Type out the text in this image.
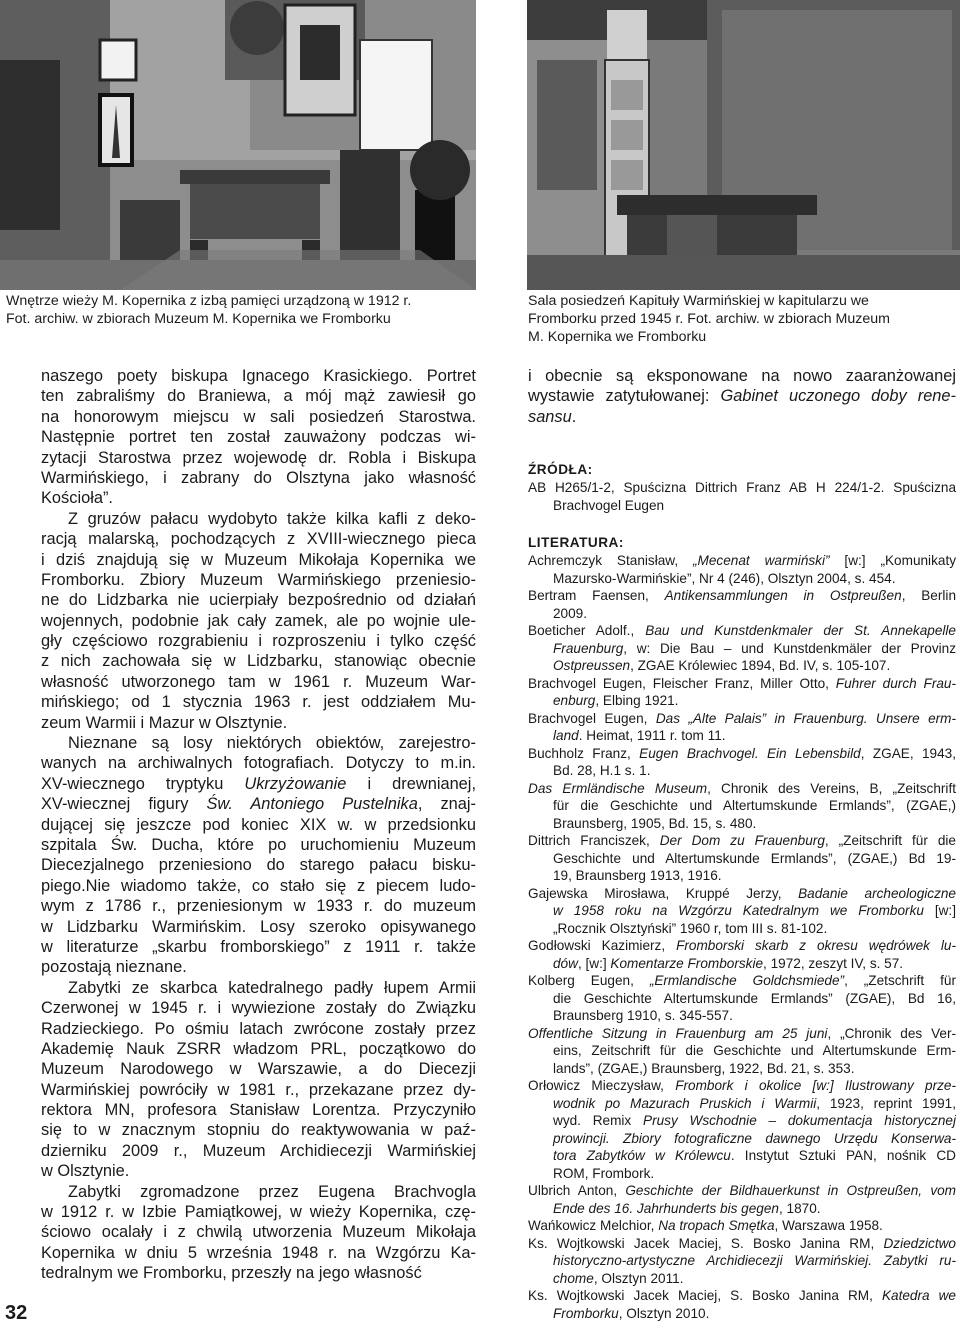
Wnętrze wieży M. Kopernika z izbą pamięci urządzoną w 1912 r.
Fot. archiw. w zbiorach Muzeum M. Kopernika we Fromborku
Sala posiedzeń Kapituły Warmińskiej w kapitularzu we
Fromborku przed 1945 r. Fot. archiw. w zbiorach Muzeum
M. Kopernika we Fromborku
naszego poety biskupa Ignacego Krasickiego. Portret
ten zabraliśmy do Braniewa, a mój mąż zawiesił go
na honorowym miejscu w sali posiedzeń Starostwa.
Następnie portret ten został zauważony podczas wi-
zytacji Starostwa przez wojewodę dr. Robla i Biskupa
Warmińskiego, i zabrany do Olsztyna jako własność
Kościoła”.
Z gruzów pałacu wydobyto także kilka kafli z deko-
racją malarską, pochodzących z XVIII-wiecznego pieca
i dziś znajdują się w Muzeum Mikołaja Kopernika we
Fromborku. Zbiory Muzeum Warmińskiego przeniesio-
ne do Lidzbarka nie ucierpiały bezpośrednio od działań
wojennych, podobnie jak cały zamek, ale po wojnie ule-
gły częściowo rozgrabieniu i rozproszeniu i tylko część
z nich zachowała się w Lidzbarku, stanowiąc obecnie
własność utworzonego tam w 1961 r. Muzeum War-
mińskiego; od 1 stycznia 1963 r. jest oddziałem Mu-
zeum Warmii i Mazur w Olsztynie.
Nieznane są losy niektórych obiektów, zarejestro-
wanych na archiwalnych fotografiach. Dotyczy to m.in.
XV-wiecznego tryptyku Ukrzyżowanie i drewnianej,
XV-wiecznej figury Św. Antoniego Pustelnika, znaj-
dującej się jeszcze pod koniec XIX w. w przedsionku
szpitala Św. Ducha, które po uruchomieniu Muzeum
Diecezjalnego przeniesiono do starego pałacu bisku-
piego.Nie wiadomo także, co stało się z piecem ludo-
wym z 1786 r., przeniesionym w 1933 r. do muzeum
w Lidzbarku Warmińskim. Losy szeroko opisywanego
w literaturze „skarbu fromborskiego” z 1911 r. także
pozostają nieznane.
Zabytki ze skarbca katedralnego padły łupem Armii
Czerwonej w 1945 r. i wywiezione zostały do Związku
Radzieckiego. Po ośmiu latach zwrócone zostały przez
Akademię Nauk ZSRR władzom PRL, początkowo do
Muzeum Narodowego w Warszawie, a do Diecezji
Warmińskiej powróciły w 1981 r., przekazane przez dy-
rektora MN, profesora Stanisław Lorentza. Przyczyniło
się to w znacznym stopniu do reaktywowania w paź-
dzierniku 2009 r., Muzeum Archidiecezji Warmińskiej
w Olsztynie.
Zabytki zgromadzone przez Eugena Brachvogla
w 1912 r. w Izbie Pamiątkowej, w wieży Kopernika, czę-
ściowo ocalały i z chwilą utworzenia Muzeum Mikołaja
Kopernika w dniu 5 września 1948 r. na Wzgórzu Ka-
tedralnym we Fromborku, przeszły na jego własność
i obecnie są eksponowane na nowo zaaranżowanej
wystawie zatytułowanej: Gabinet uczonego doby rene-
sansu.
ŹRÓDŁA:
AB H265/1-2, Spuścizna Dittrich Franz AB H 224/1-2. Spuścizna
Brachvogel Eugen
LITERATURA:
Achremczyk Stanisław, „Mecenat warmiński” [w:] „Komunikaty
Mazursko-Warmińskie”, Nr 4 (246), Olsztyn 2004, s. 454.
Bertram Faensen, Antikensammlungen in Ostpreußen, Berlin
2009.
Boeticher Adolf., Bau und Kunstdenkmaler der St. Annekapelle
Frauenburg, w: Die Bau – und Kunstdenkmäler der Provinz
Ostpreussen, ZGAE Królewiec 1894, Bd. IV, s. 105-107.
Brachvogel Eugen, Fleischer Franz, Miller Otto, Fuhrer durch Frau-
enburg, Elbing 1921.
Brachvogel Eugen, Das „Alte Palais” in Frauenburg. Unsere erm-
land. Heimat, 1911 r. tom 11.
Buchholz Franz, Eugen Brachvogel. Ein Lebensbild, ZGAE, 1943,
Bd. 28, H.1 s. 1.
Das Ermländische Museum, Chronik des Vereins, B, „Zeitschrift
für die Geschichte und Altertumskunde Ermlands”, (ZGAE,)
Braunsberg, 1905, Bd. 15, s. 480.
Dittrich Franciszek, Der Dom zu Frauenburg, „Zeitschrift für die
Geschichte und Altertumskunde Ermlands”, (ZGAE,) Bd 19-
19, Braunsberg 1913, 1916.
Gajewska Mirosława, Kruppé Jerzy, Badanie archeologiczne
w 1958 roku na Wzgórzu Katedralnym we Fromborku [w:]
„Rocznik Olsztyński” 1960 r, tom III s. 81-102.
Godłowski Kazimierz, Fromborski skarb z okresu wędrówek lu-
dów, [w:] Komentarze Fromborskie, 1972, zeszyt IV, s. 57.
Kolberg Eugen, „Ermlandische Goldchsmiede”, „Zetschrift für
die Geschichte Altertumskunde Ermlands” (ZGAE), Bd 16,
Braunsberg 1910, s. 345-557.
Offentliche Sitzung in Frauenburg am 25 juni, „Chronik des Ver-
eins, Zeitschrift für die Geschichte und Altertumskunde Erm-
lands”, (ZGAE,) Braunsberg, 1922, Bd. 21, s. 353.
Orłowicz Mieczysław, Frombork i okolice [w:] Ilustrowany prze-
wodnik po Mazurach Pruskich i Warmii, 1923, reprint 1991,
wyd. Remix Prusy Wschodnie – dokumentacja historycznej
prowincji. Zbiory fotograficzne dawnego Urzędu Konserwa-
tora Zabytków w Królewcu. Instytut Sztuki PAN, nośnik CD
ROM, Frombork.
Ulbrich Anton, Geschichte der Bildhauerkunst in Ostpreußen, vom
Ende des 16. Jahrhunderts bis gegen, 1870.
Wańkowicz Melchior, Na tropach Smętka, Warszawa 1958.
Ks. Wojtkowski Jacek Maciej, S. Bosko Janina RM, Dziedzictwo
historyczno-artystyczne Archidiecezji Warmińskiej. Zabytki ru-
chome, Olsztyn 2011.
Ks. Wojtkowski Jacek Maciej, S. Bosko Janina RM, Katedra we
Fromborku, Olsztyn 2010.
32
